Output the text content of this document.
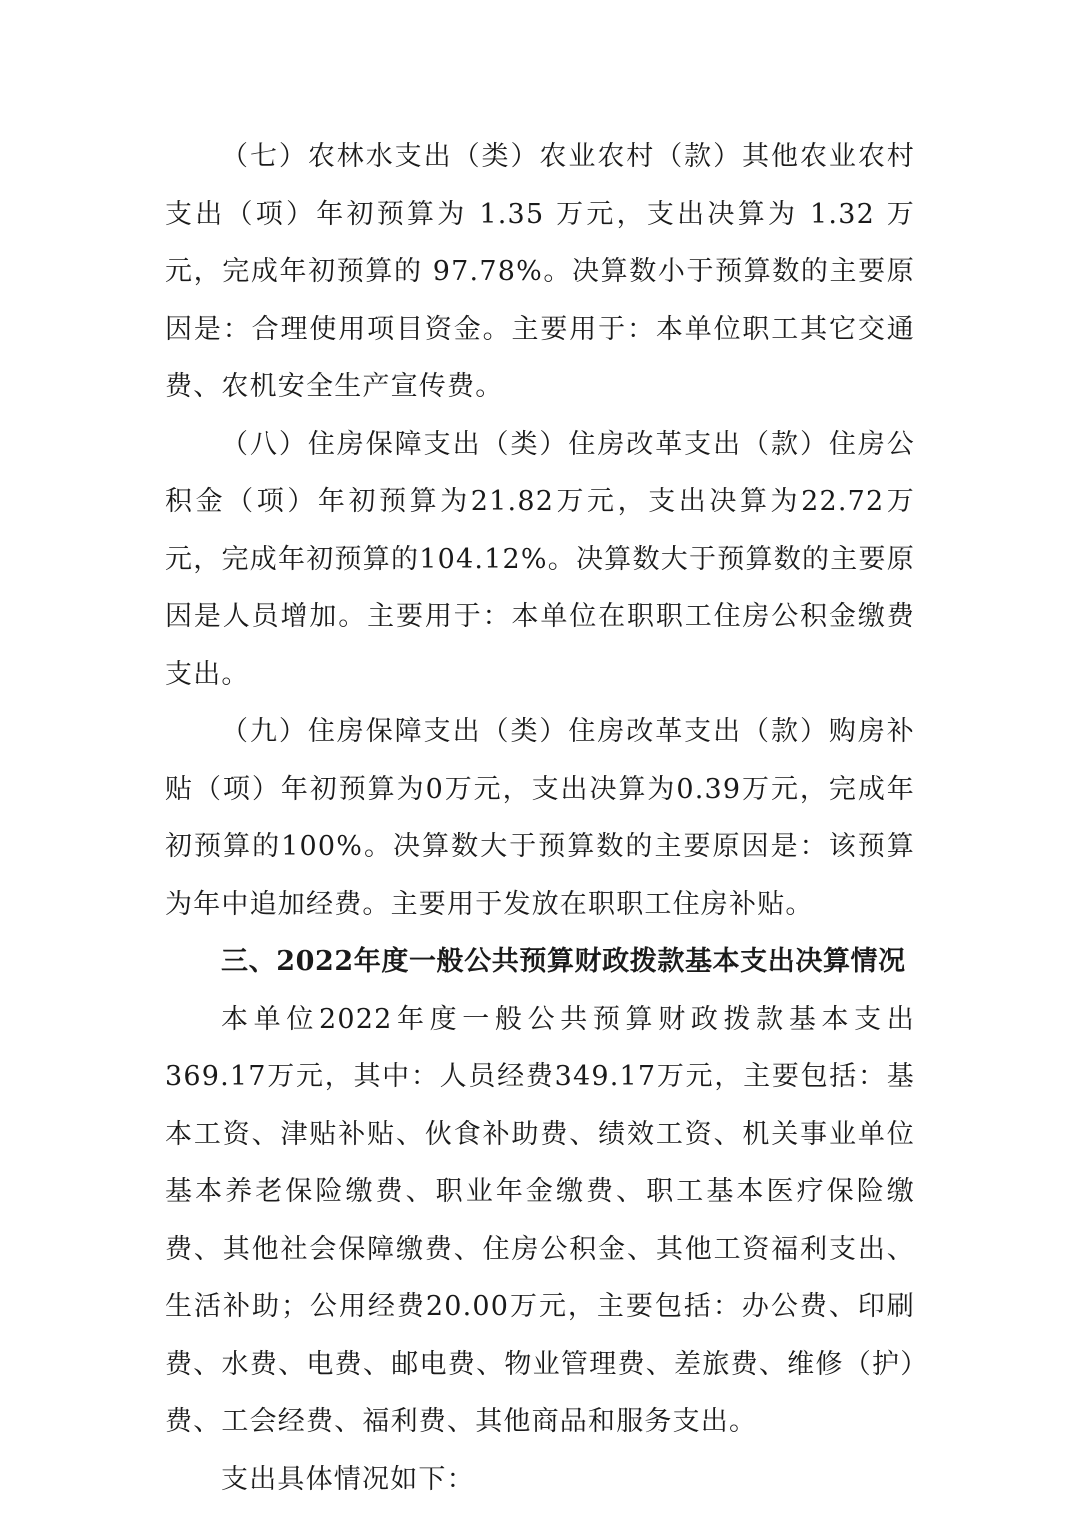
（七）农林水支出（类）农业农村（款）其他农业农村支出（项）年初预算为 1.35 万元，支出决算为 1.32 万元，完成年初预算的 97.78%。决算数小于预算数的主要原因是：合理使用项目资金。主要用于：本单位职工其它交通费、农机安全生产宣传费。

（八）住房保障支出（类）住房改革支出（款）住房公积金（项）年初预算为21.82万元，支出决算为22.72万元，完成年初预算的104.12%。决算数大于预算数的主要原因是人员增加。主要用于：本单位在职职工住房公积金缴费支出。

（九）住房保障支出（类）住房改革支出（款）购房补贴（项）年初预算为0万元，支出决算为0.39万元，完成年初预算的100%。决算数大于预算数的主要原因是：该预算为年中追加经费。主要用于发放在职职工住房补贴。

三、2022年度一般公共预算财政拨款基本支出决算情况

本单位2022年度一般公共预算财政拨款基本支出369.17万元，其中：人员经费349.17万元，主要包括：基本工资、津贴补贴、伙食补助费、绩效工资、机关事业单位基本养老保险缴费、职业年金缴费、职工基本医疗保险缴费、其他社会保障缴费、住房公积金、其他工资福利支出、生活补助；公用经费20.00万元，主要包括：办公费、印刷费、水费、电费、邮电费、物业管理费、差旅费、维修（护）费、工会经费、福利费、其他商品和服务支出。

支出具体情况如下：
